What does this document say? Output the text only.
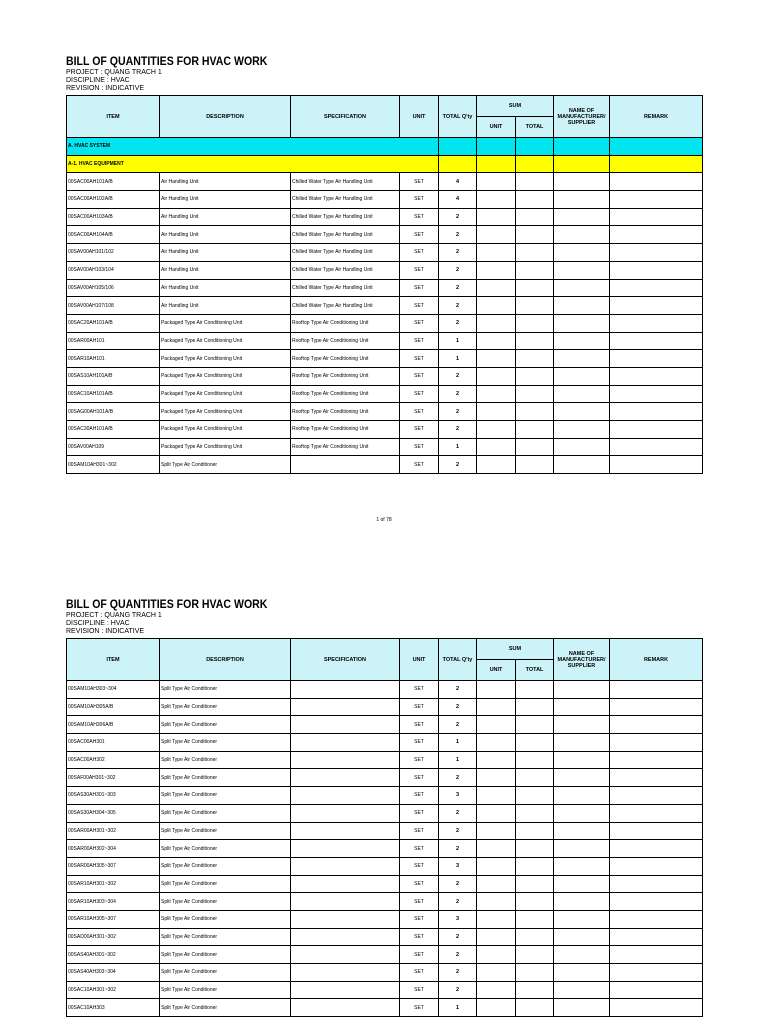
BILL OF QUANTITIES FOR HVAC WORK
PROJECT : QUANG TRACH 1
DISCIPLINE : HVAC
REVISION : INDICATIVE
ITEM	DESCRIPTION	SPECIFICATION	UNIT	TOTAL Q'ty	SUM		NAME OF MANUFACTURER/ SUPPLIER	REMARK
					UNIT	TOTAL		
A. HVAC SYSTEM								
A-1. HVAC EQUIPMENT								
00SAC00AH101A/B	Air Handling Unit	Chilled Water Type Air Handling Unit	SET	4				
00SAC00AH102A/B	Air Handling Unit	Chilled Water Type Air Handling Unit	SET	4				
00SAC00AH103A/B	Air Handling Unit	Chilled Water Type Air Handling Unit	SET	2				
00SAC00AH104A/B	Air Handling Unit	Chilled Water Type Air Handling Unit	SET	2				
00SAV00AH101/102	Air Handling Unit	Chilled Water Type Air Handling Unit	SET	2				
00SAV00AH103/104	Air Handling Unit	Chilled Water Type Air Handling Unit	SET	2				
00SAV00AH105/106	Air Handling Unit	Chilled Water Type Air Handling Unit	SET	2				
00SAV00AH107/108	Air Handling Unit	Chilled Water Type Air Handling Unit	SET	2				
00SAC20AH101A/B	Packaged Type Air Conditioning Unit	Rooftop Type Air Conditioning Unit	SET	2				
00SAR00AH101	Packaged Type Air Conditioning Unit	Rooftop Type Air Conditioning Unit	SET	1				
00SAR10AH101	Packaged Type Air Conditioning Unit	Rooftop Type Air Conditioning Unit	SET	1				
00SAS10AH101A/B	Packaged Type Air Conditioning Unit	Rooftop Type Air Conditioning Unit	SET	2				
00SAC10AH101A/B	Packaged Type Air Conditioning Unit	Rooftop Type Air Conditioning Unit	SET	2				
00SAG00AH101A/B	Packaged Type Air Conditioning Unit	Rooftop Type Air Conditioning Unit	SET	2				
00SAC30AH101A/B	Packaged Type Air Conditioning Unit	Rooftop Type Air Conditioning Unit	SET	2				
00SAV00AH109	Packaged Type Air Conditioning Unit	Rooftop Type Air Conditioning Unit	SET	1				
00SAM10AH301~302	Split Type Air Conditioner		SET	2				
1 of 78
BILL OF QUANTITIES FOR HVAC WORK
PROJECT : QUANG TRACH 1
DISCIPLINE : HVAC
REVISION : INDICATIVE
ITEM	DESCRIPTION	SPECIFICATION	UNIT	TOTAL Q'ty	SUM		NAME OF MANUFACTURER/ SUPPLIER	REMARK
					UNIT	TOTAL		
00SAM10AH303~304	Split Type Air Conditioner		SET	2				
00SAM10AH305A/B	Split Type Air Conditioner		SET	2				
00SAM10AH306A/B	Split Type Air Conditioner		SET	2				
00SAC00AH301	Split Type Air Conditioner		SET	1				
00SAC00AH302	Split Type Air Conditioner		SET	1				
00SAF00AH301~302	Split Type Air Conditioner		SET	2				
00SAS30AH301~303	Split Type Air Conditioner		SET	3				
00SAS30AH304~305	Split Type Air Conditioner		SET	2				
00SAR00AH301~302	Split Type Air Conditioner		SET	2				
00SAR00AH302~304	Split Type Air Conditioner		SET	2				
00SAR00AH305~307	Split Type Air Conditioner		SET	3				
00SAR10AH301~302	Split Type Air Conditioner		SET	2				
00SAR10AH303~304	Split Type Air Conditioner		SET	2				
00SAR10AH305~307	Split Type Air Conditioner		SET	3				
00SAD00AH301~302	Split Type Air Conditioner		SET	2				
00SAS40AH301~302	Split Type Air Conditioner		SET	2				
00SAS40AH303~304	Split Type Air Conditioner		SET	2				
00SAC10AH301~302	Split Type Air Conditioner		SET	2				
00SAC10AH303	Split Type Air Conditioner		SET	1				
